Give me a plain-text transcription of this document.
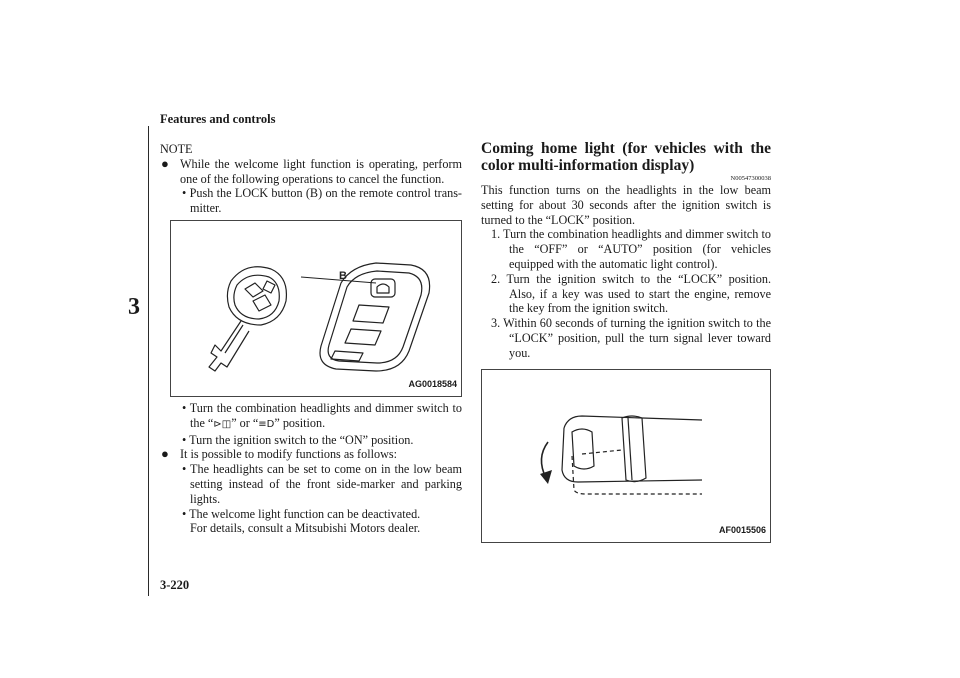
Features and controls
3
3-220

NOTE

● While the welcome light function is operating, perform one of the following operations to cancel the function.

• Push the LOCK button (B) on the remote control trans-mitter.

B
AG0018584

• Turn the combination headlights and dimmer switch to the “⊳◫” or “≡D” position.

• Turn the ignition switch to the “ON” position.

● It is possible to modify functions as follows:

• The headlights can be set to come on in the low beam setting instead of the front side-marker and parking lights.

• The welcome light function can be deactivated.

For details, consult a Mitsubishi Motors dealer.

Coming home light (for vehicles with the color multi-information display)

N00547300038

This function turns on the headlights in the low beam setting for about 30 seconds after the ignition switch is turned to the “LOCK” position.

1. Turn the combination headlights and dimmer switch to the “OFF” or “AUTO” position (for vehicles equipped with the automatic light control).

2. Turn the ignition switch to the “LOCK” position. Also, if a key was used to start the engine, remove the key from the ignition switch.

3. Within 60 seconds of turning the ignition switch to the “LOCK” position, pull the turn signal lever toward you.

AF0015506
